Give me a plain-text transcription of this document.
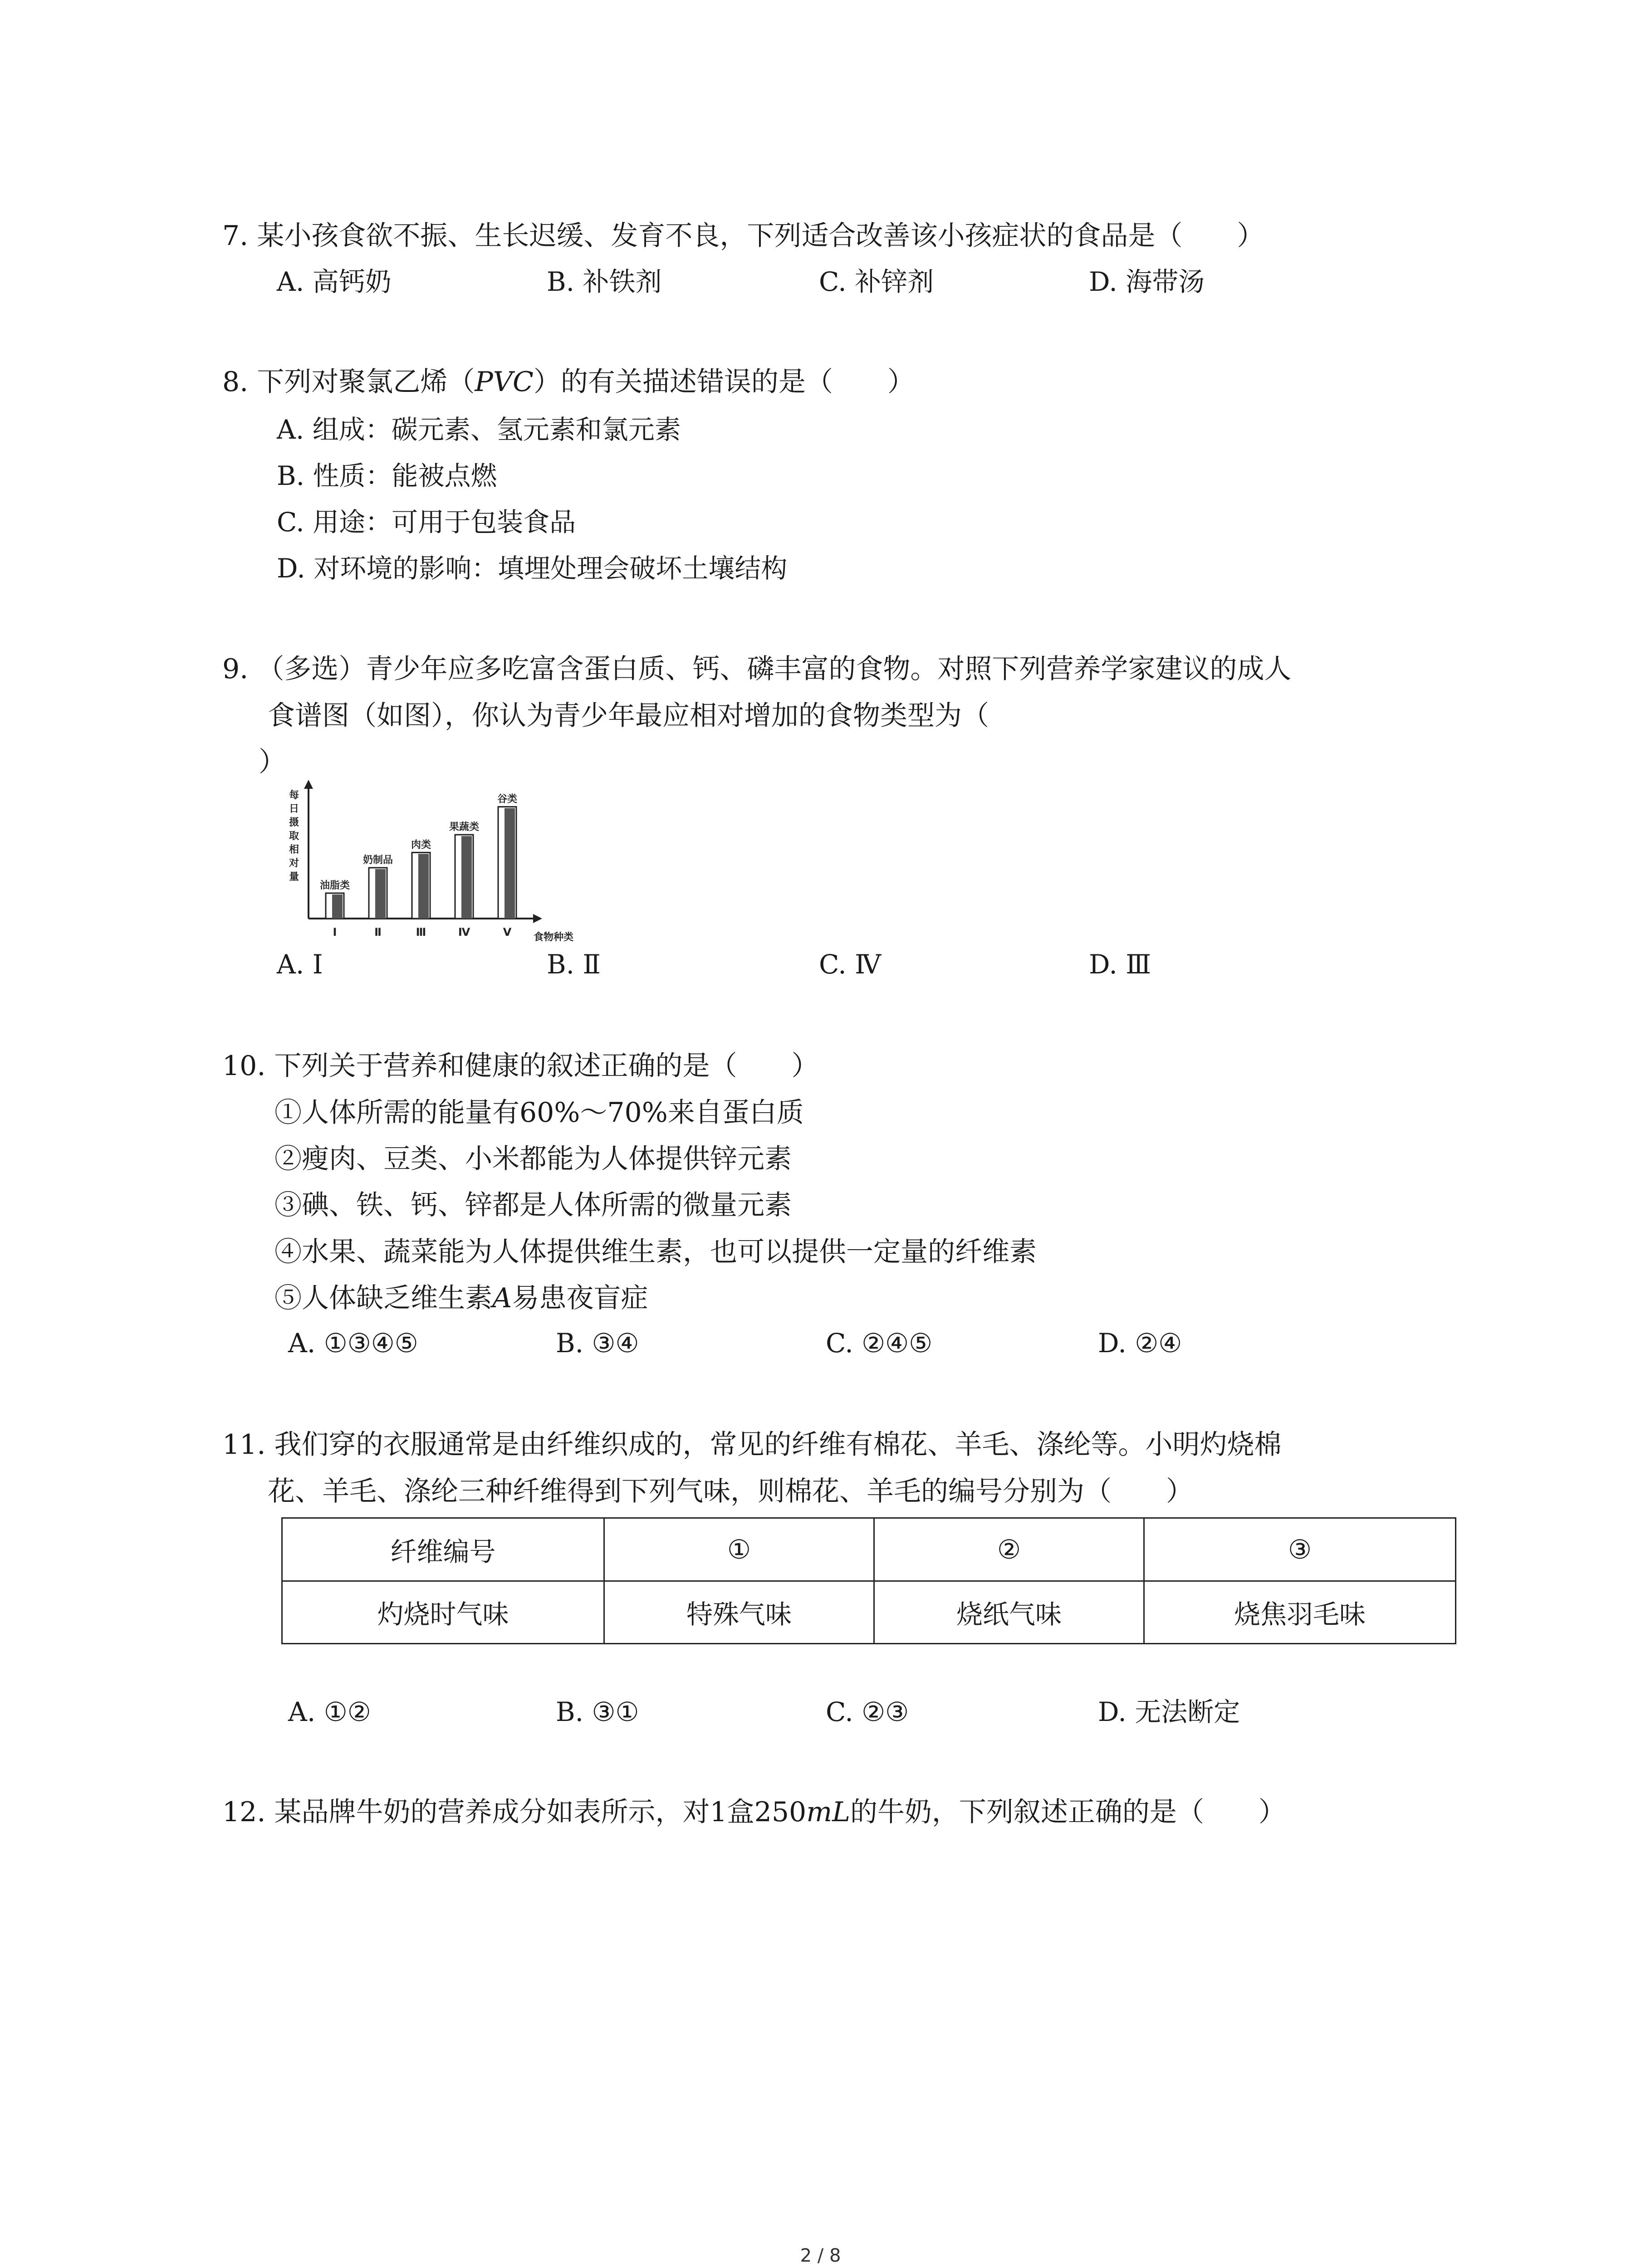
7. 某小孩食欲不振、生长迟缓、发育不良，下列适合改善该小孩症状的食品是（　　）
A. 高钙奶	B. 补铁剂	C. 补锌剂	D. 海带汤
8. 下列对聚氯乙烯（PVC）的有关描述错误的是（　　）
A. 组成：碳元素、氢元素和氯元素
B. 性质：能被点燃
C. 用途：可用于包装食品
D. 对环境的影响：填埋处理会破坏土壤结构
9. （多选）青少年应多吃富含蛋白质、钙、磷丰富的食物。对照下列营养学家建议的成人
食谱图（如图），你认为青少年最应相对增加的食物类型为（
）
每日摄取相对量
油脂类
Ⅰ
奶制品
Ⅱ
肉类
Ⅲ
果蔬类
Ⅳ
谷类
Ⅴ 食物种类
A. Ⅰ	B. Ⅱ	C. Ⅳ	D. Ⅲ
10. 下列关于营养和健康的叙述正确的是（　　）
①人体所需的能量有60%～70%来自蛋白质
②瘦肉、豆类、小米都能为人体提供锌元素
③碘、铁、钙、锌都是人体所需的微量元素
④水果、蔬菜能为人体提供维生素，也可以提供一定量的纤维素
⑤人体缺乏维生素A易患夜盲症
A. ①③④⑤	B. ③④	C. ②④⑤	D. ②④
11. 我们穿的衣服通常是由纤维织成的，常见的纤维有棉花、羊毛、涤纶等。小明灼烧棉
花、羊毛、涤纶三种纤维得到下列气味，则棉花、羊毛的编号分别为（　　）
纤维编号	①	②	③
灼烧时气味	特殊气味	烧纸气味	烧焦羽毛味
A. ①②	B. ③①	C. ②③	D. 无法断定
12. 某品牌牛奶的营养成分如表所示，对1盒250mL的牛奶，下列叙述正确的是（　　）
2 / 8
